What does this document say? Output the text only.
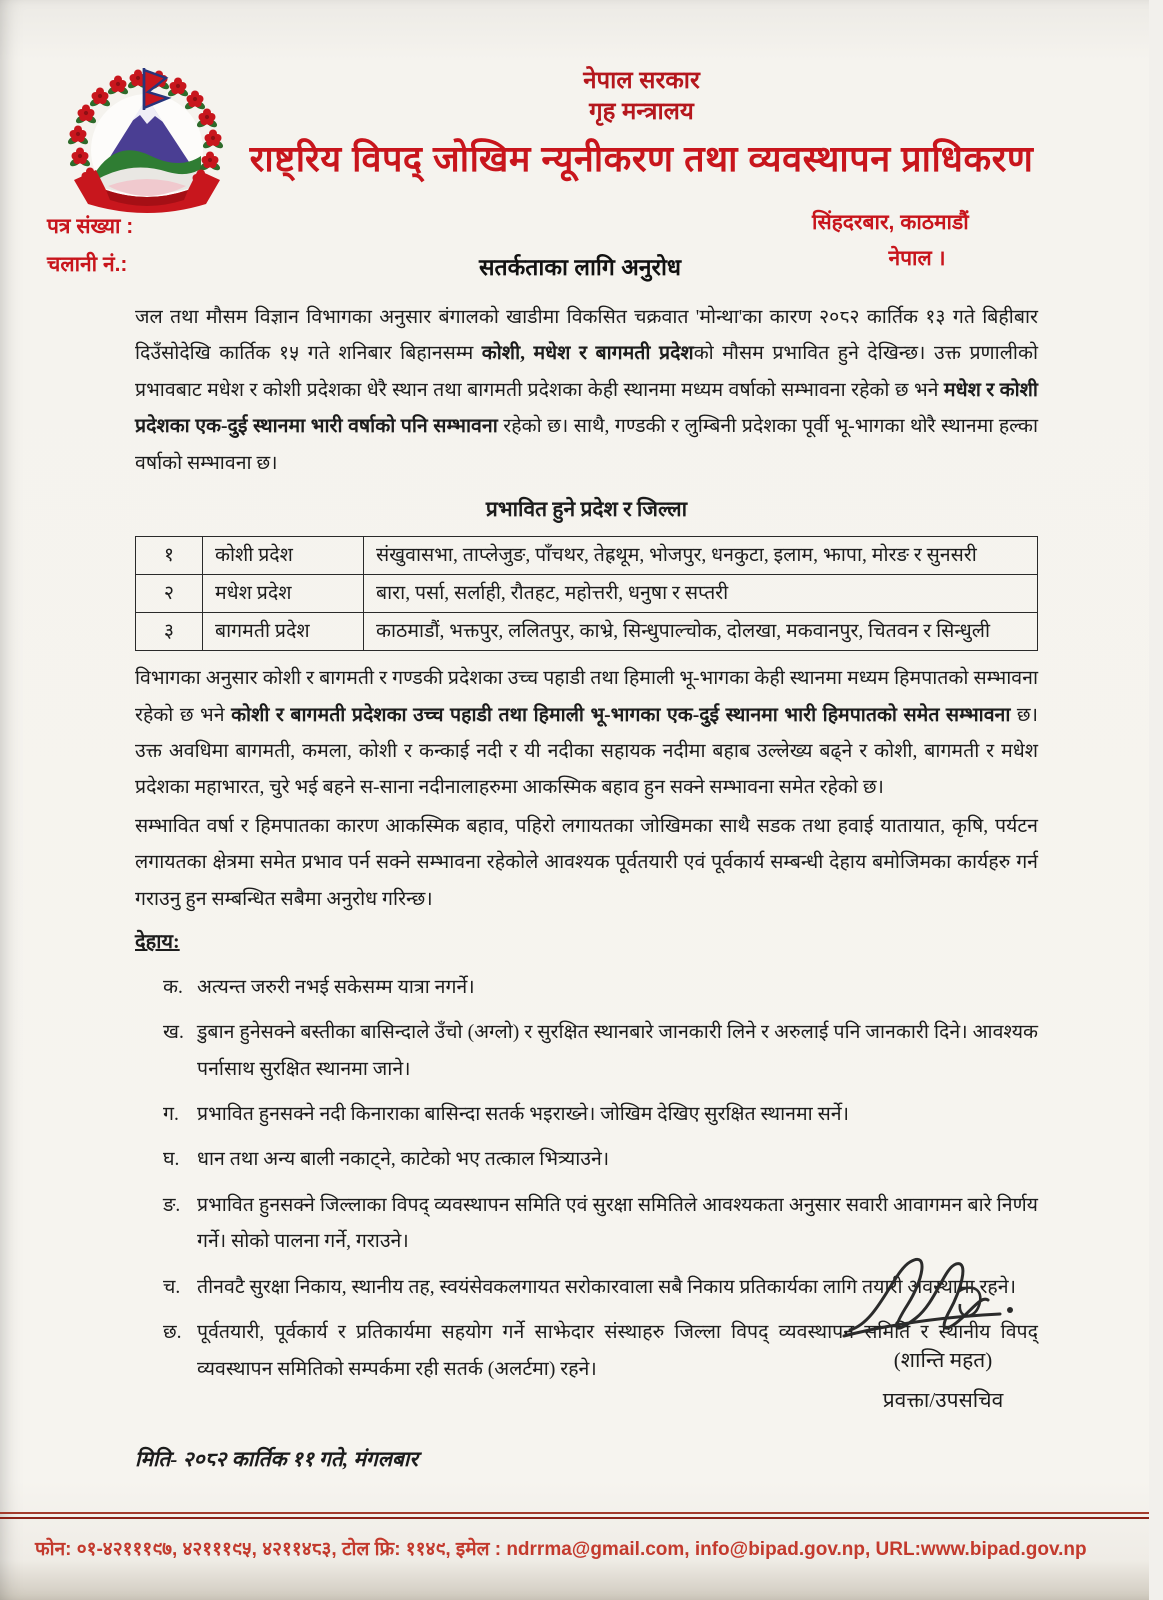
नेपाल सरकार
गृह मन्त्रालय
राष्ट्रिय विपद् जोखिम न्यूनीकरण तथा व्यवस्थापन प्राधिकरण
पत्र संख्या :
चलानी नं.:
सिंहदरबार, काठमाडौं
नेपाल ।
सतर्कताका लागि अनुरोध

जल तथा मौसम विज्ञान विभागका अनुसार बंगालको खाडीमा विकसित चक्रवात 'मोन्था'का कारण २०८२ कार्तिक १३ गते बिहीबार दिउँसोदेखि कार्तिक १५ गते शनिबार बिहानसम्म कोशी, मधेश र बागमती प्रदेशको मौसम प्रभावित हुने देखिन्छ। उक्त प्रणालीको प्रभावबाट मधेश र कोशी प्रदेशका धेरै स्थान तथा बागमती प्रदेशका केही स्थानमा मध्यम वर्षाको सम्भावना रहेको छ भने मधेश र कोशी प्रदेशका एक-दुई स्थानमा भारी वर्षाको पनि सम्भावना रहेको छ। साथै, गण्डकी र लुम्बिनी प्रदेशका पूर्वी भू-भागका थोरै स्थानमा हल्का वर्षाको सम्भावना छ।

प्रभावित हुने प्रदेश र जिल्ला
१	कोशी प्रदेश	संखुवासभा, ताप्लेजुङ, पाँचथर, तेह्रथूम, भोजपुर, धनकुटा, इलाम, झापा, मोरङ र सुनसरी
२	मधेश प्रदेश	बारा, पर्सा, सर्लाही, रौतहट, महोत्तरी, धनुषा र सप्तरी
३	बागमती प्रदेश	काठमाडौं, भक्तपुर, ललितपुर, काभ्रे, सिन्धुपाल्चोक, दोलखा, मकवानपुर, चितवन र सिन्धुली

विभागका अनुसार कोशी र बागमती र गण्डकी प्रदेशका उच्च पहाडी तथा हिमाली भू-भागका केही स्थानमा मध्यम हिमपातको सम्भावना रहेको छ भने कोशी र बागमती प्रदेशका उच्च पहाडी तथा हिमाली भू-भागका एक-दुई स्थानमा भारी हिमपातको समेत सम्भावना छ। उक्त अवधिमा बागमती, कमला, कोशी र कन्काई नदी र यी नदीका सहायक नदीमा बहाब उल्लेख्य बढ्ने र कोशी, बागमती र मधेश प्रदेशका महाभारत, चुरे भई बहने स-साना नदीनालाहरुमा आकस्मिक बहाव हुन सक्ने सम्भावना समेत रहेको छ।

सम्भावित वर्षा र हिमपातका कारण आकस्मिक बहाव, पहिरो लगायतका जोखिमका साथै सडक तथा हवाई यातायात, कृषि, पर्यटन लगायतका क्षेत्रमा समेत प्रभाव पर्न सक्ने सम्भावना रहेकोले आवश्यक पूर्वतयारी एवं पूर्वकार्य सम्बन्धी देहाय बमोजिमका कार्यहरु गर्न गराउनु हुन सम्बन्धित सबैमा अनुरोध गरिन्छ।

देहाय:
क. अत्यन्त जरुरी नभई सकेसम्म यात्रा नगर्ने।
ख. डुबान हुनेसक्ने बस्तीका बासिन्दाले उँचो (अग्लो) र सुरक्षित स्थानबारे जानकारी लिने र अरुलाई पनि जानकारी दिने। आवश्यक पर्नासाथ सुरक्षित स्थानमा जाने।
ग. प्रभावित हुनसक्ने नदी किनाराका बासिन्दा सतर्क भइराख्ने। जोखिम देखिए सुरक्षित स्थानमा सर्ने।
घ. धान तथा अन्य बाली नकाट्ने, काटेको भए तत्काल भित्र्याउने।
ङ. प्रभावित हुनसक्ने जिल्लाका विपद् व्यवस्थापन समिति एवं सुरक्षा समितिले आवश्यकता अनुसार सवारी आवागमन बारे निर्णय गर्ने। सोको पालना गर्ने, गराउने।
च. तीनवटै सुरक्षा निकाय, स्थानीय तह, स्वयंसेवकलगायत सरोकारवाला सबै निकाय प्रतिकार्यका लागि तयारी अवस्थामा रहने।
छ. पूर्वतयारी, पूर्वकार्य र प्रतिकार्यमा सहयोग गर्ने साझेदार संस्थाहरु जिल्ला विपद् व्यवस्थापन समिति र स्थानीय विपद् व्यवस्थापन समितिको सम्पर्कमा रही सतर्क (अलर्टमा) रहने।
मिति- २०८२ कार्तिक ११ गते, मंगलबार
(शान्ति महत)
प्रवक्ता/उपसचिव
फोन: ०१-४२१११९७, ४२१११९५, ४२११४८३, टोल फ्रि: ११४९, इमेल : ndrrma@gmail.com, info@bipad.gov.np, URL:www.bipad.gov.np
